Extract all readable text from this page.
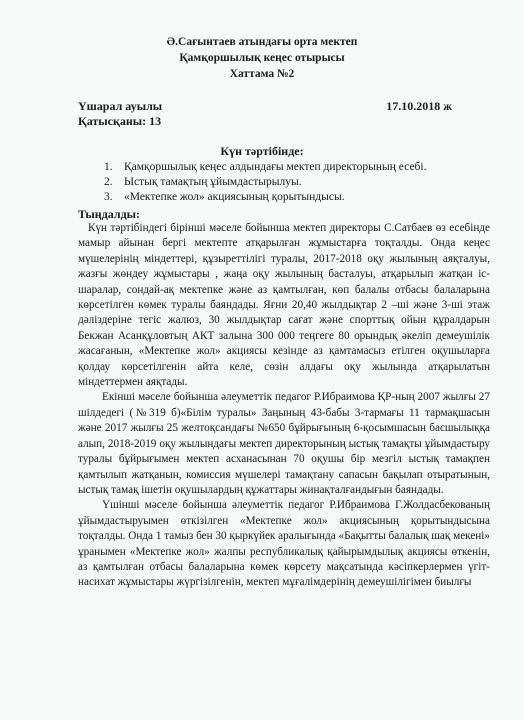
Ә.Сағынтаев атындағы орта мектеп
Қамқоршылық кеңес отырысы
Хаттама №2
Үшарал ауылы	17.10.2018 ж
Қатысқаны: 13
Күн тәртібінде:
1. Қамқоршылық кеңес алдындағы мектеп директорының есебі.
2. Ыстық тамақтың ұйымдастырылуы.
3. «Мектепке жол» акциясының қорытындысы.
Тыңдалды:

Күн тәртібіндегі бірінші мәселе бойынша мектеп директоры С.Сатбаев өз есебінде мамыр айынан бергі мектепте атқарылған жұмыстарға тоқталды. Онда кеңес мүшелерінің міндеттері, құзыреттілігі туралы, 2017-2018 оқу жылының аяқталуы, жазғы жөндеу жұмыстары , жаңа оқу жылының басталуы, атқарылып жатқан іс-шаралар, сондай-ақ мектепке және аз қамтылған, көп балалы отбасы балаларына көрсетілген көмек туралы баяндады. Яғни 20,40 жылдықтар 2 –ші және 3-ші этаж дәліздеріне тегіс жалюз, 30 жылдықтар сағат және спорттық ойын құралдарын Бекжан Асанқұловтың АКТ залына 300 000 теңгеге 80 орындық әкеліп демеушілік жасағанын, «Мектепке жол» акциясы кезінде аз қамтамасыз етілген оқушыларға қолдау көрсетілгенін айта келе, сөзін алдағы оқу жылында атқарылатын міндеттермен аяқтады.

Екінші мәселе бойынша әлеуметтік педагог Р.Ибраимова ҚР-ның 2007 жылғы 27 шілдедегі (№319 б)«Білім туралы» Заңының 43-бабы 3-тармағы 11 тармақшасын және 2017 жылғы 25 желтоқсандағы №650 бұйрығының 6-қосымшасын басшылыққа алып, 2018-2019 оқу жылындағы мектеп директорының ыстық тамақты ұйымдастыру туралы бұйрығымен мектеп асханасынан 70 оқушы бір мезгіл ыстық тамақпен қамтылып жатқанын, комиссия мүшелері тамақтану сапасын бақылап отыратынын, ыстық тамақ ішетін оқушылардың құжаттары жинақталғандығын баяндады.

Үшінші мәселе бойынша әлеуметтік педагог Р.Ибраимова Г.Жолдасбекованың ұйымдастыруымен өткізілген «Мектепке жол» акциясының қорытындысына тоқталды. Онда 1 тамыз бен 30 қыркүйек аралығында «Бақытты балалық шақ мекені» ұранымен «Мектепке жол» жалпы республикалық қайырымдылық акциясы өткенін, аз қамтылған отбасы балаларына көмек көрсету мақсатында кәсіпкерлермен үгіт-насихат жұмыстары жүргізілгенін, мектеп мұғалімдерінің демеушілігімен биылғы
